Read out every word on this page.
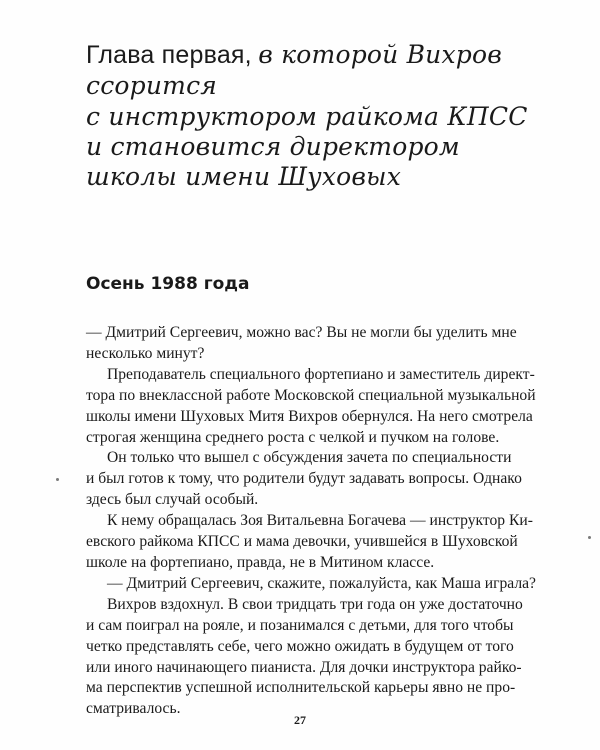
Глава первая, в которой Вихров ссорится
с инструктором райкома КПСС
и становится директором
школы имени Шуховых
Осень 1988 года

— Дмитрий Сергеевич, можно вас? Вы не могли бы уделить мне

несколько минут?

Преподаватель специального фортепиано и заместитель директ-

тора по внеклассной работе Московской специальной музыкальной

школы имени Шуховых Митя Вихров обернулся. На него смотрела

строгая женщина среднего роста с челкой и пучком на голове.

Он только что вышел с обсуждения зачета по специальности

и был готов к тому, что родители будут задавать вопросы. Однако

здесь был случай особый.

К нему обращалась Зоя Витальевна Богачева — инструктор Ки-

евского райкома КПСС и мама девочки, учившейся в Шуховской

школе на фортепиано, правда, не в Митином классе.

— Дмитрий Сергеевич, скажите, пожалуйста, как Маша играла?

Вихров вздохнул. В свои тридцать три года он уже достаточно

и сам поиграл на рояле, и позанимался с детьми, для того чтобы

четко представлять себе, чего можно ожидать в будущем от того

или иного начинающего пианиста. Для дочки инструктора райко-

ма перспектив успешной исполнительской карьеры явно не про-

сматривалось.

27
